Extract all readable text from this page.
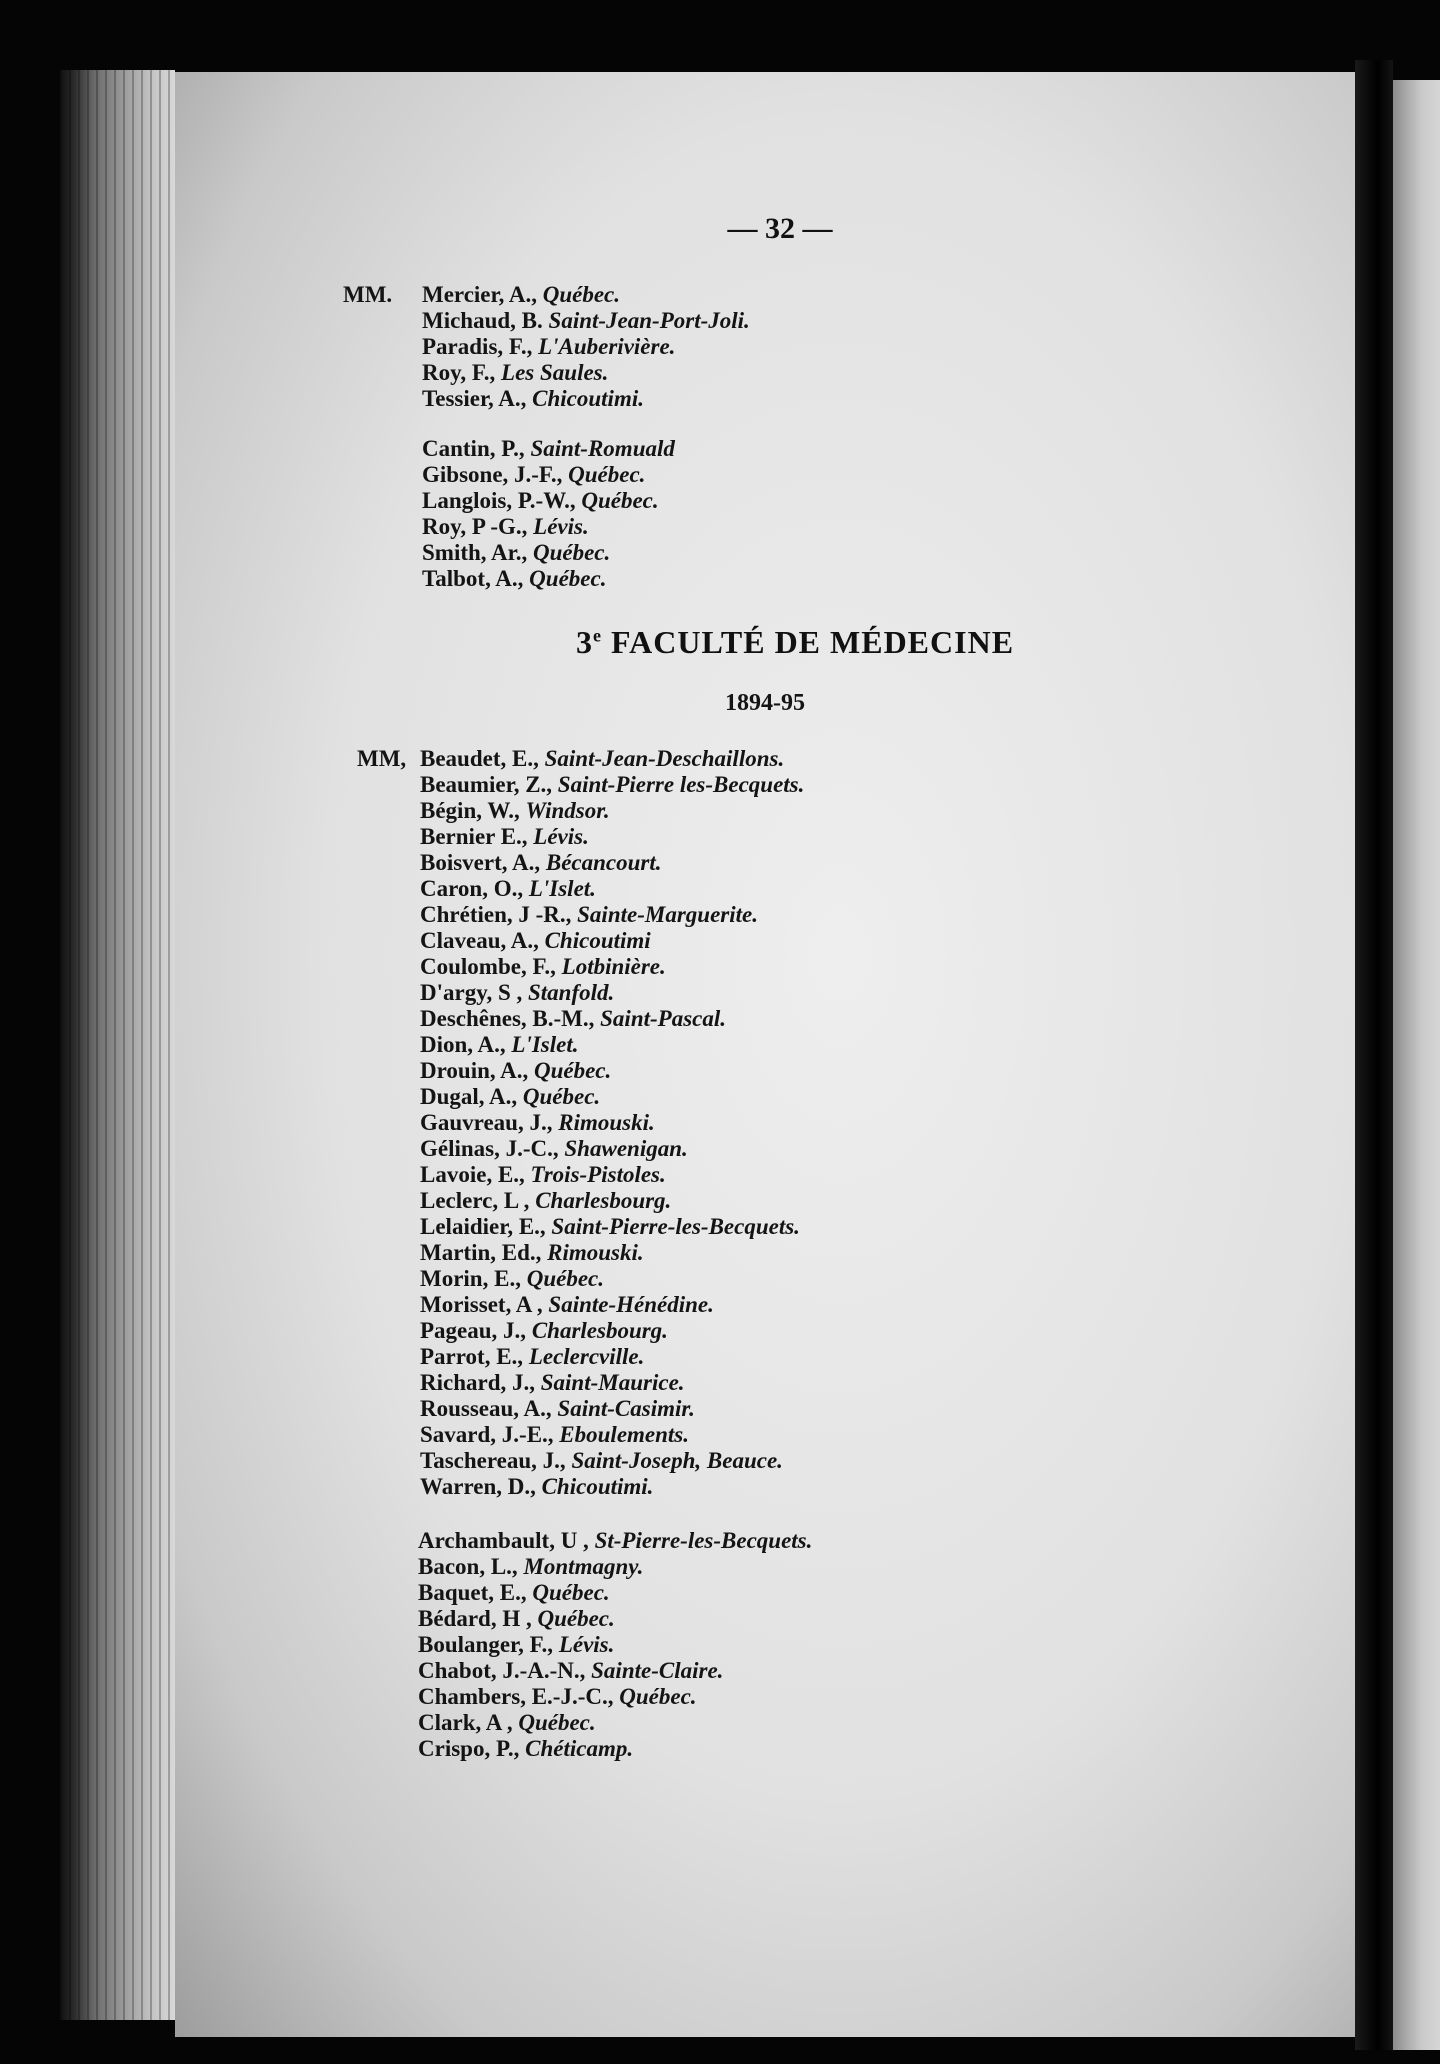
— 32 —
MM. Mercier, A., Québec.
Michaud, B. Saint-Jean-Port-Joli.
Paradis, F., L'Auberivière.
Roy, F., Les Saules.
Tessier, A., Chicoutimi.
Cantin, P., Saint-Romuald
Gibsone, J.-F., Québec.
Langlois, P.-W., Québec.
Roy, P -G., Lévis.
Smith, Ar., Québec.
Talbot, A., Québec.
3e FACULTÉ DE MÉDECINE
1894-95
MM, Beaudet, E., Saint-Jean-Deschaillons.
Beaumier, Z., Saint-Pierre les-Becquets.
Bégin, W., Windsor.
Bernier E., Lévis.
Boisvert, A., Bécancourt.
Caron, O., L'Islet.
Chrétien, J -R., Sainte-Marguerite.
Claveau, A., Chicoutimi
Coulombe, F., Lotbinière.
D'argy, S , Stanfold.
Deschênes, B.-M., Saint-Pascal.
Dion, A., L'Islet.
Drouin, A., Québec.
Dugal, A., Québec.
Gauvreau, J., Rimouski.
Gélinas, J.-C., Shawenigan.
Lavoie, E., Trois-Pistoles.
Leclerc, L , Charlesbourg.
Lelaidier, E., Saint-Pierre-les-Becquets.
Martin, Ed., Rimouski.
Morin, E., Québec.
Morisset, A , Sainte-Hénédine.
Pageau, J., Charlesbourg.
Parrot, E., Leclercville.
Richard, J., Saint-Maurice.
Rousseau, A., Saint-Casimir.
Savard, J.-E., Eboulements.
Taschereau, J., Saint-Joseph, Beauce.
Warren, D., Chicoutimi.
Archambault, U , St-Pierre-les-Becquets.
Bacon, L., Montmagny.
Baquet, E., Québec.
Bédard, H , Québec.
Boulanger, F., Lévis.
Chabot, J.-A.-N., Sainte-Claire.
Chambers, E.-J.-C., Québec.
Clark, A , Québec.
Crispo, P., Chéticamp.
